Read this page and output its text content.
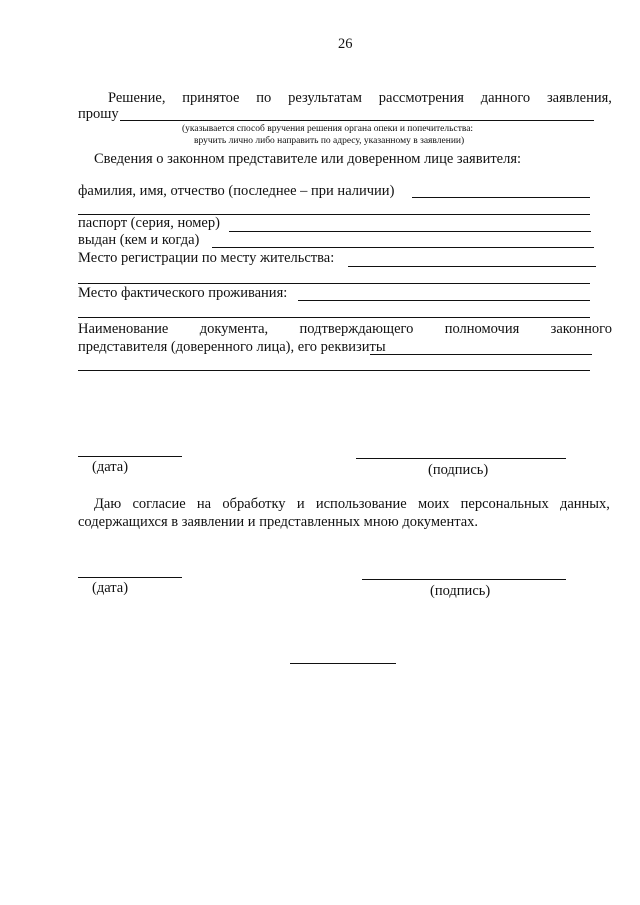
26
Решение, принятое по результатам рассмотрения данного заявления,
прошу
(указывается способ вручения решения органа опеки и попечительства:
вручить лично либо направить по адресу, указанному в заявлении)
Сведения о законном представителе или доверенном лице заявителя:
фамилия, имя, отчество (последнее – при наличии)
паспорт (серия, номер)
выдан (кем и когда)
Место регистрации по месту жительства:
Место фактического проживания:
Наименование документа, подтверждающего полномочия законного
представителя (доверенного лица), его реквизиты
(дата)	(подпись)
Даю согласие на обработку и использование моих персональных данных,
содержащихся в заявлении и представленных мною документах.
(дата)	(подпись)
